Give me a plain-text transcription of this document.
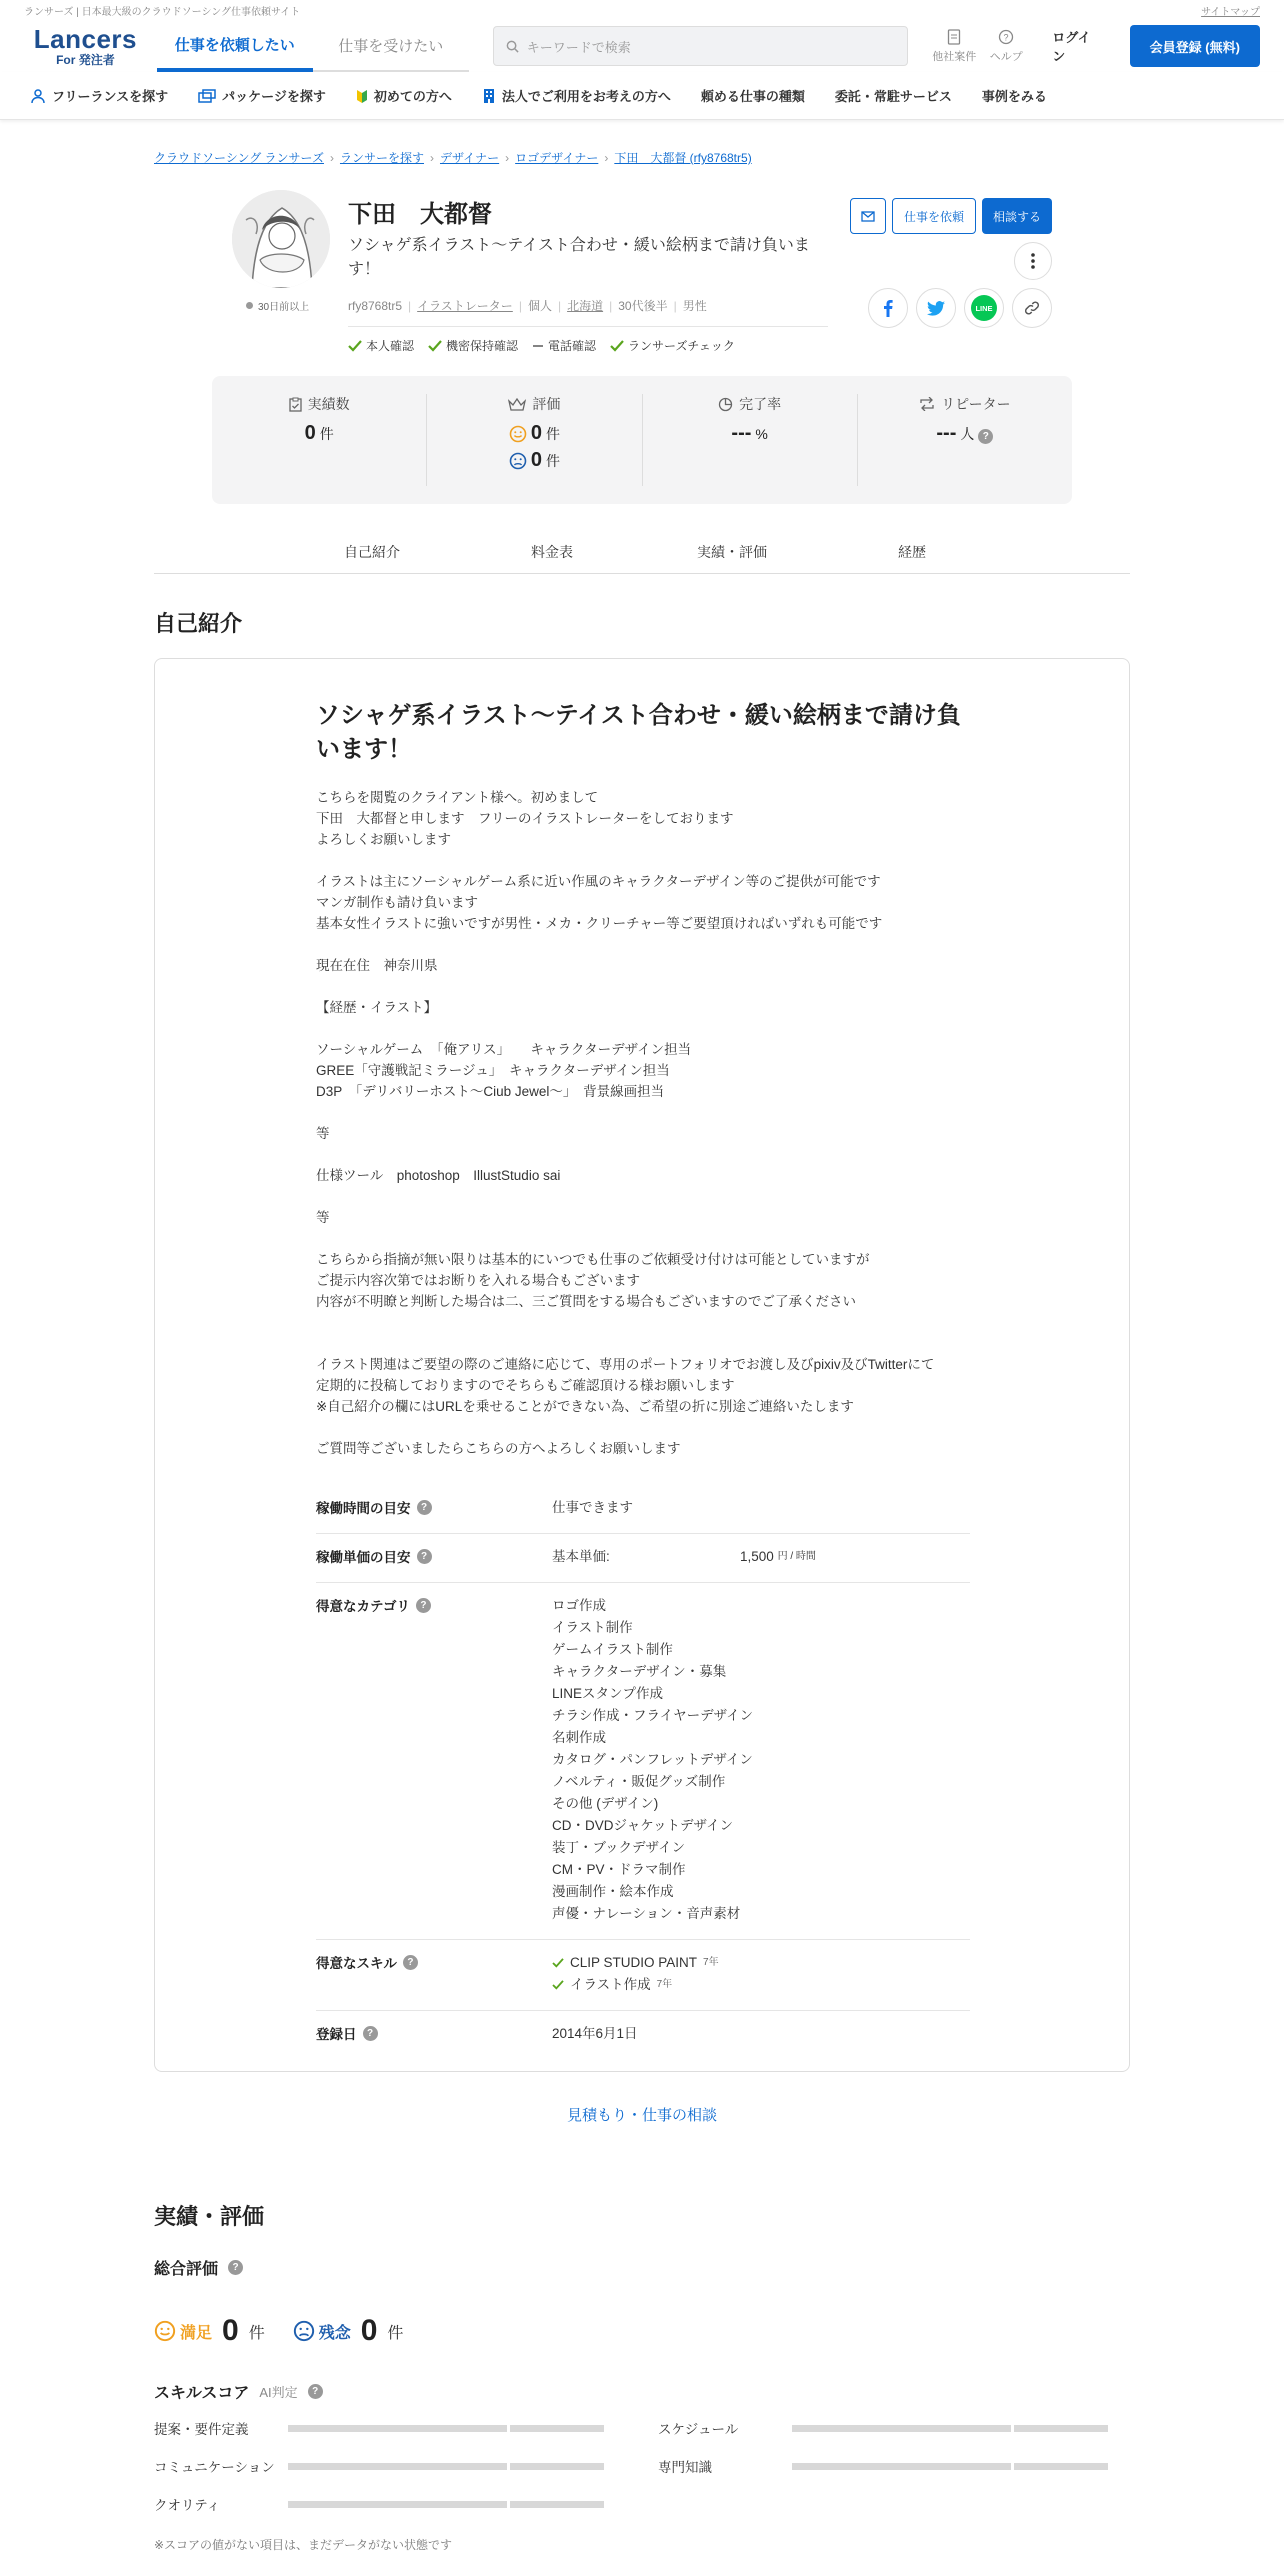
ランサーズ | 日本最大級のクラウドソーシング仕事依頼サイト	サイトマップ
Lancers
For 発注者
仕事を依頼したい	仕事を受けたい	キーワードで検索
他社案件
?
ヘルプ
ログイン
会員登録 (無料)
フリーランスを探す	パッケージを探す	初めての方へ	法人でご利用をお考えの方へ 頼める仕事の種類 委託・常駐サービス 事例をみる
クラウドソーシング ランサーズ › ランサーを探す › デザイナー › ロゴデザイナー › 下田　大都督 (rfy8768tr5)
30日前以上
下田　大都督
ソシャゲ系イラスト～テイスト合わせ・緩い絵柄まで請け負います！
rfy8768tr5 | イラストレーター | 個人 | 北海道 | 30代後半 | 男性
本人確認	機密保持確認	電話確認	ランサーズチェック
仕事を依頼	相談する
LINE
実績数
0 件
評価
0 件
0 件
完了率
--- %
リピーター
--- 人 ?
自己紹介	料金表	実績・評価	経歴
自己紹介
ソシャゲ系イラスト～テイスト合わせ・緩い絵柄まで請け負います！
こちらを閲覧のクライアント様へ。初めまして
下田　大都督と申します　フリーのイラストレーターをしております
よろしくお願いします

イラストは主にソーシャルゲーム系に近い作風のキャラクターデザイン等のご提供が可能です
マンガ制作も請け負います
基本女性イラストに強いですが男性・メカ・クリーチャー等ご要望頂ければいずれも可能です

現在在住　神奈川県

【経歴・イラスト】

ソーシャルゲーム　「俺アリス」　　キャラクターデザイン担当
GREE「守護戦記ミラージュ」　キャラクターデザイン担当
D3P　「デリバリーホスト～Ciub Jewel～」　背景線画担当

等

仕様ツール　photoshop　IllustStudio sai

等

こちらから指摘が無い限りは基本的にいつでも仕事のご依頼受け付けは可能としていますが
ご提示内容次第ではお断りを入れる場合もございます
内容が不明瞭と判断した場合は二、三ご質問をする場合もございますのでご了承ください

イラスト関連はご要望の際のご連絡に応じて、専用のポートフォリオでお渡し及びpixiv及びTwitterにて
定期的に投稿しておりますのでそちらもご確認頂ける様お願いします
※自己紹介の欄にはURLを乗せることができない為、ご希望の折に別途ご連絡いたします

ご質問等ございましたらこちらの方へよろしくお願いします
稼働時間の目安	?	仕事できます
稼働単価の目安	?	基本単価:	1,500
円 / 時間
得意なカテゴリ	?	ロゴ作成
イラスト制作
ゲームイラスト制作
キャラクターデザイン・募集
LINEスタンプ作成
チラシ作成・フライヤーデザイン
名刺作成
カタログ・パンフレットデザイン
ノベルティ・販促グッズ制作
その他 (デザイン)
CD・DVDジャケットデザイン
装丁・ブックデザイン
CM・PV・ドラマ制作
漫画制作・絵本作成
声優・ナレーション・音声素材
得意なスキル	?	CLIP STUDIO PAINT 7年
イラスト作成 7年
登録日	?	2014年6月1日
見積もり・仕事の相談
実績・評価
総合評価	?
満足 0 件	残念 0 件
スキルスコア AI判定	?
提案・要件定義	スケジュール
コミュニケーション	専門知識
クオリティ
※スコアの値がない項目は、まだデータがない状態です
